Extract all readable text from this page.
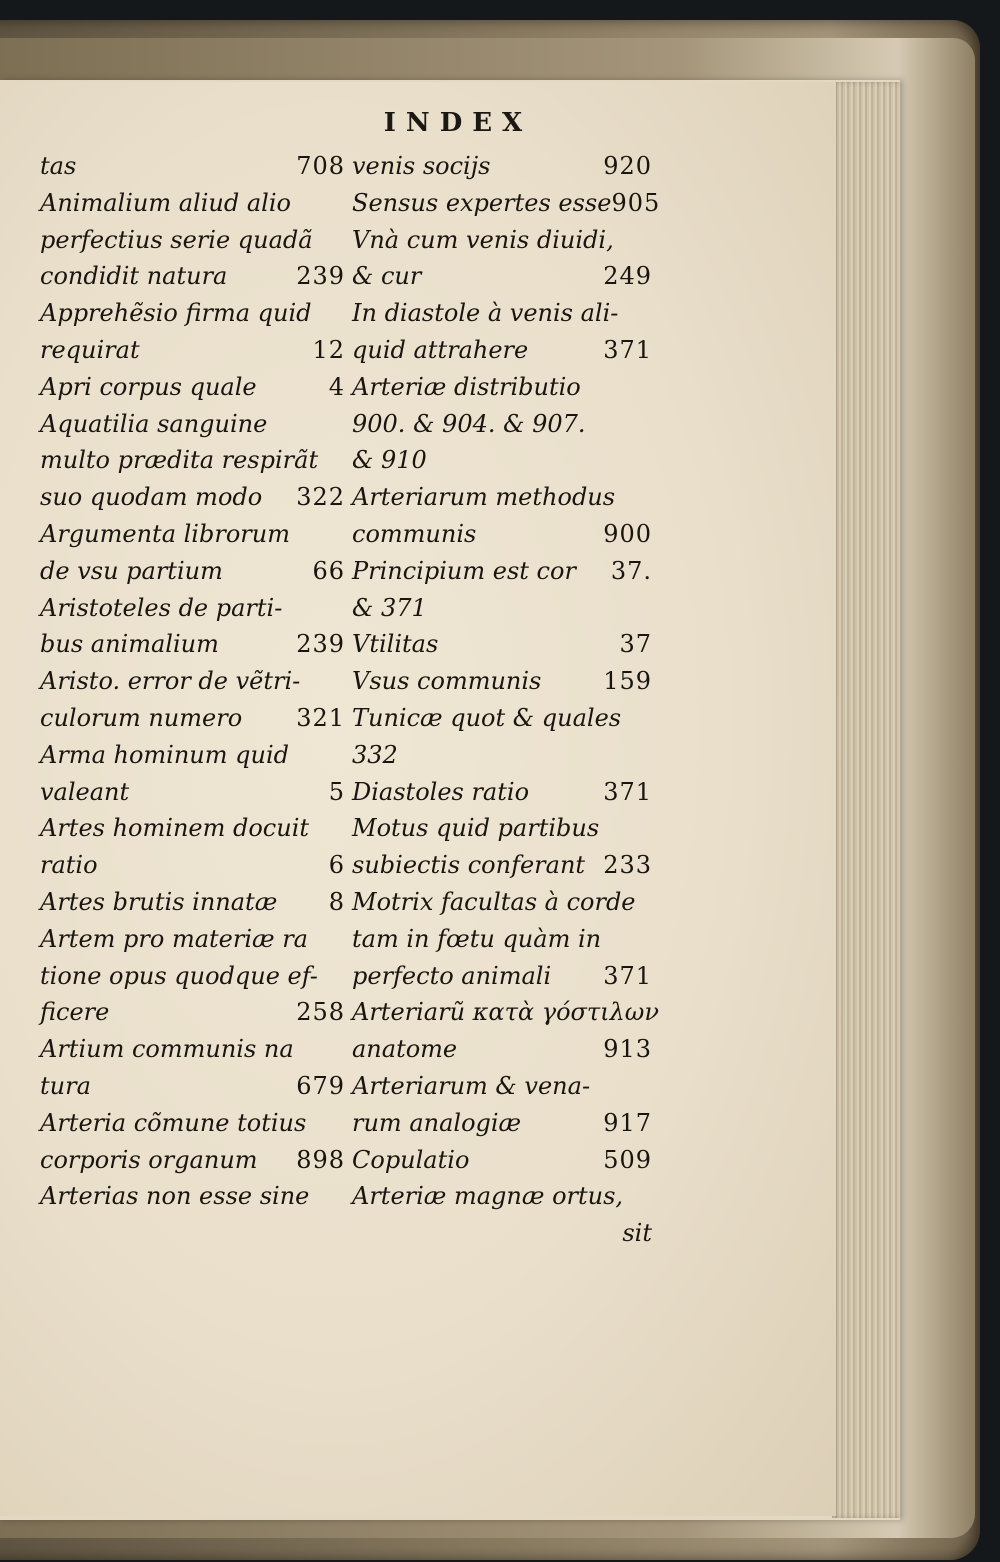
INDEX
tas	708
Animalium aliud alio
perfectius serie quadã
condidit natura	239
Apprehẽsio firma quid
requirat	12
Apri corpus quale	4
Aquatilia sanguine
multo prædita respirãt
suo quodam modo 322
Argumenta librorum
de vsu partium	66
Aristoteles de parti-
bus animalium	239
Aristo. error de vẽtri-
culorum numero 321
Arma hominum quid
valeant	5
Artes hominem docuit
ratio	6
Artes brutis innatæ 8
Artem pro materiæ ra
tione opus quodque ef-
ficere	258
Artium communis na
tura	679
Arteria cõmune totius
corporis organum 898
Arterias non esse sine
venis socijs	920
Sensus expertes esse 905
Vnà cum venis diuidi,
& cur	249
In diastole à venis ali-
quid attrahere	371
Arteriæ distributio
900. & 904. & 907.
& 910
Arteriarum methodus
communis	900
Principium est cor 37.
& 371
Vtilitas	37
Vsus communis	159
Tunicæ quot & quales
332
Diastoles ratio	371
Motus quid partibus
subiectis conferant 233
Motrix facultas à corde
tam in fœtu quàm in
perfecto animali 371
Arteriarũ κατὰ γόστιλων
anatome	913
Arteriarum & vena-
rum analogiæ	917
Copulatio	509
Arteriæ magnæ ortus,
sit
